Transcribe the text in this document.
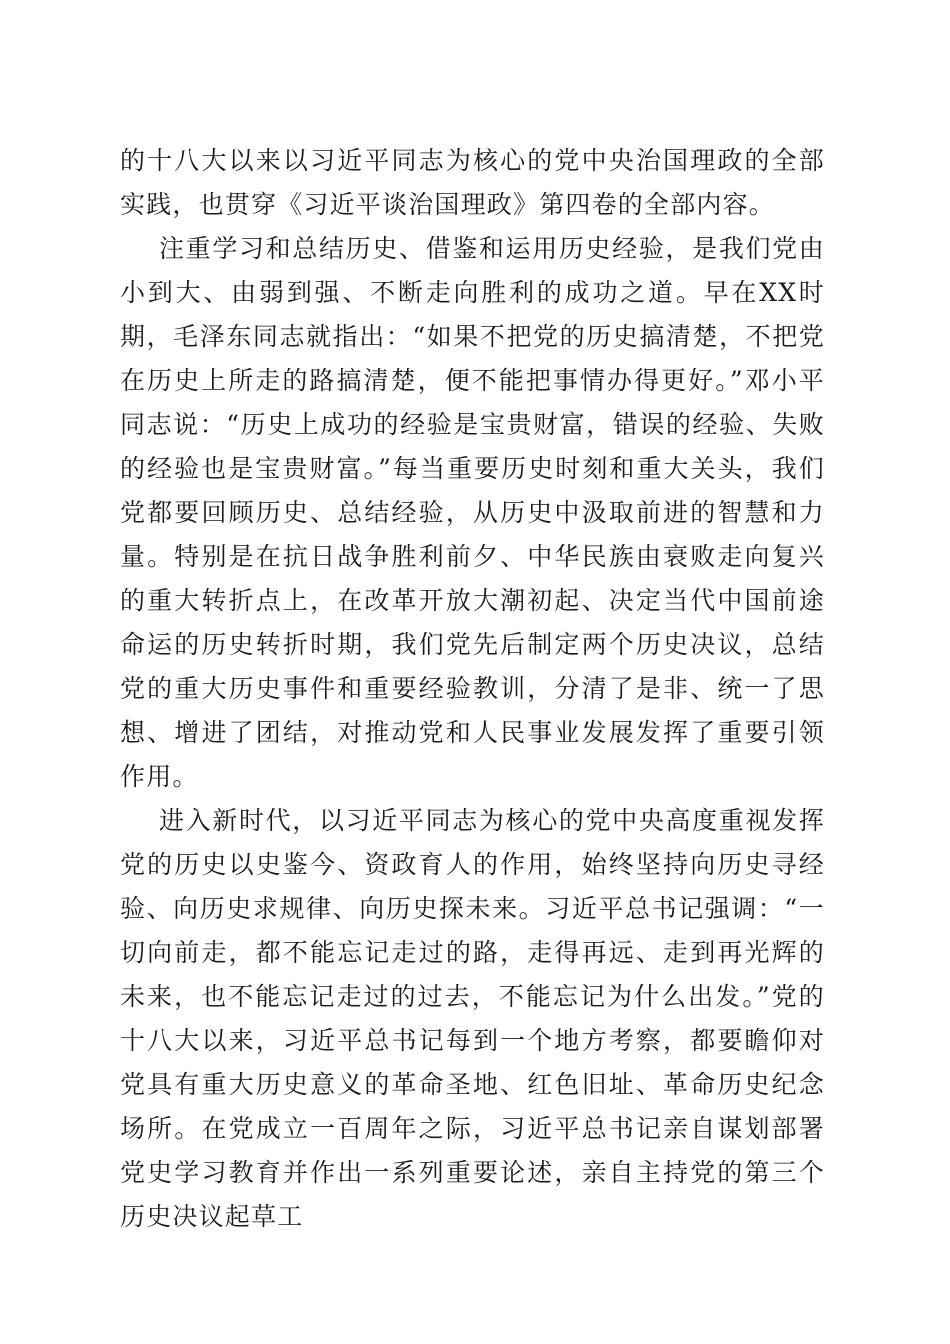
的十八大以来以习近平同志为核心的党中央治国理政的全部实践，也贯穿《习近平谈治国理政》第四卷的全部内容。

注重学习和总结历史、借鉴和运用历史经验，是我们党由小到大、由弱到强、不断走向胜利的成功之道。早在XX时期，毛泽东同志就指出：“如果不把党的历史搞清楚，不把党在历史上所走的路搞清楚，便不能把事情办得更好。”邓小平同志说：“历史上成功的经验是宝贵财富，错误的经验、失败的经验也是宝贵财富。”每当重要历史时刻和重大关头，我们党都要回顾历史、总结经验，从历史中汲取前进的智慧和力量。特别是在抗日战争胜利前夕、中华民族由衰败走向复兴的重大转折点上，在改革开放大潮初起、决定当代中国前途命运的历史转折时期，我们党先后制定两个历史决议，总结党的重大历史事件和重要经验教训，分清了是非、统一了思想、增进了团结，对推动党和人民事业发展发挥了重要引领作用。

进入新时代，以习近平同志为核心的党中央高度重视发挥党的历史以史鉴今、资政育人的作用，始终坚持向历史寻经验、向历史求规律、向历史探未来。习近平总书记强调：“一切向前走，都不能忘记走过的路，走得再远、走到再光辉的未来，也不能忘记走过的过去，不能忘记为什么出发。”党的十八大以来，习近平总书记每到一个地方考察，都要瞻仰对党具有重大历史意义的革命圣地、红色旧址、革命历史纪念场所。在党成立一百周年之际，习近平总书记亲自谋划部署党史学习教育并作出一系列重要论述，亲自主持党的第三个历史决议起草工
